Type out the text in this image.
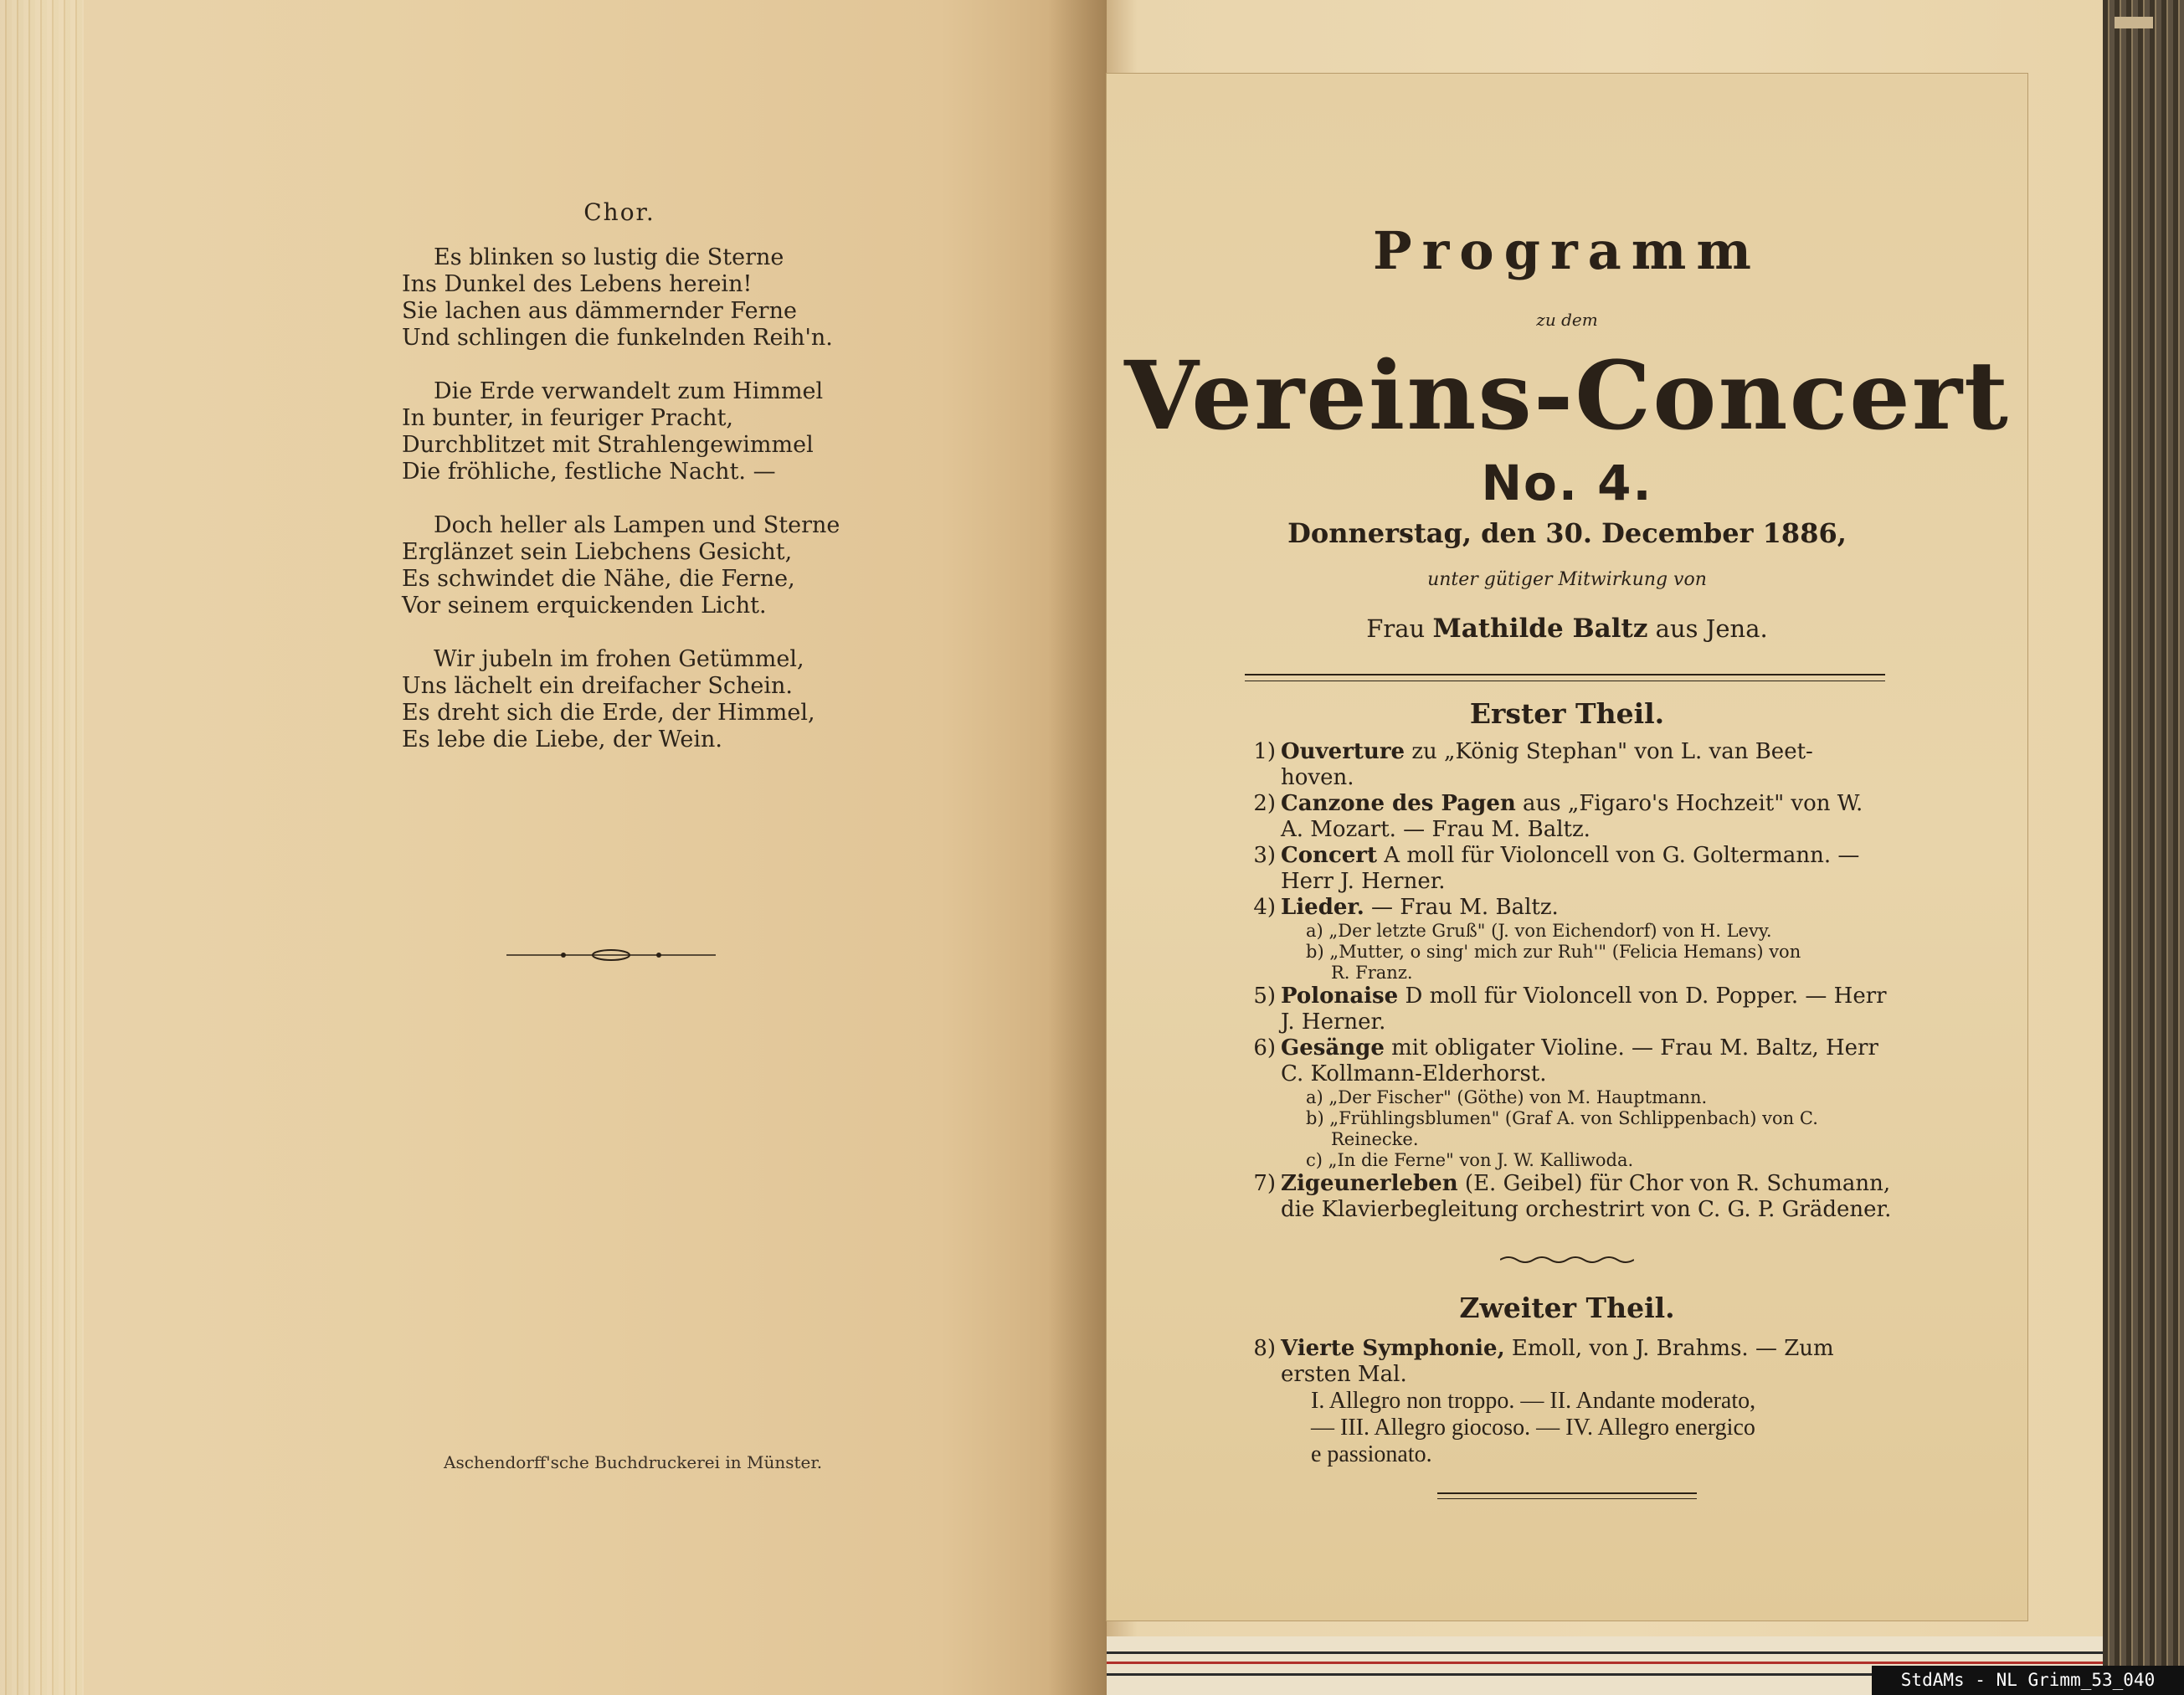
Chor.
Es blinken so lustig die Sterne
Ins Dunkel des Lebens herein!
Sie lachen aus dämmernder Ferne
Und schlingen die funkelnden Reih'n.
Die Erde verwandelt zum Himmel
In bunter, in feuriger Pracht,
Durchblitzet mit Strahlengewimmel
Die fröhliche, festliche Nacht. —
Doch heller als Lampen und Sterne
Erglänzet sein Liebchens Gesicht,
Es schwindet die Nähe, die Ferne,
Vor seinem erquickenden Licht.
Wir jubeln im frohen Getümmel,
Uns lächelt ein dreifacher Schein.
Es dreht sich die Erde, der Himmel,
Es lebe die Liebe, der Wein.
Aschendorff'sche Buchdruckerei in Münster.
Programm
zu dem
Vereins-Concert
No. 4.
Donnerstag, den 30. December 1886,
unter gütiger Mitwirkung von
Frau Mathilde Baltz aus Jena.
Erster Theil.
1) Ouverture zu „König Stephan" von L. van Beet-
hoven.
2) Canzone des Pagen aus „Figaro's Hochzeit" von W.
A. Mozart. — Frau M. Baltz.
3) Concert A moll für Violoncell von G. Goltermann. —
Herr J. Herner.
4) Lieder. — Frau M. Baltz.
a) „Der letzte Gruß" (J. von Eichendorf) von H. Levy.
b) „Mutter, o sing' mich zur Ruh'" (Felicia Hemans) von
R. Franz.
5) Polonaise D moll für Violoncell von D. Popper. — Herr
J. Herner.
6) Gesänge mit obligater Violine. — Frau M. Baltz, Herr
C. Kollmann-Elderhorst.
a) „Der Fischer" (Göthe) von M. Hauptmann.
b) „Frühlingsblumen" (Graf A. von Schlippenbach) von C.
Reinecke.
c) „In die Ferne" von J. W. Kalliwoda.
7) Zigeunerleben (E. Geibel) für Chor von R. Schumann,
die Klavierbegleitung orchestrirt von C. G. P. Grädener.
Zweiter Theil.
8) Vierte Symphonie, Emoll, von J. Brahms. — Zum
ersten Mal.
I. Allegro non troppo. — II. Andante moderato,
— III. Allegro giocoso. — IV. Allegro energico
e passionato.
StdAMs - NL Grimm_53_040
